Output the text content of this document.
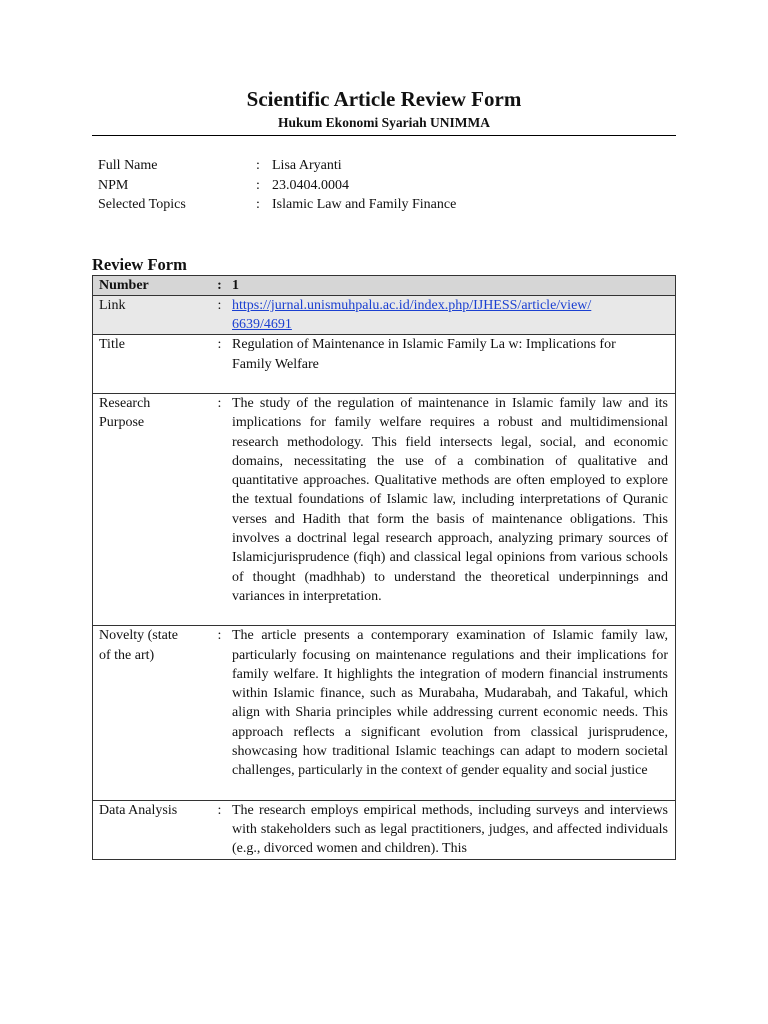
Scientific Article Review Form
Hukum Ekonomi Syariah UNIMMA
Full Name	: Lisa Aryanti
NPM	: 23.0404.0004
Selected Topics	: Islamic Law and Family Finance
Review Form
Number	:	1
Link	:	https://jurnal.unismuhpalu.ac.id/index.php/IJHESS/article/view/
6639/4691
Title	:	Regulation of Maintenance in Islamic Family La w: Implications for Family Welfare

Research
Purpose	:	The study of the regulation of maintenance in Islamic family law and its implications for family welfare requires a robust and multidimensional research methodology. This field intersects legal, social, and economic domains, necessitating the use of a combination of qualitative and quantitative approaches. Qualitative methods are often employed to explore the textual foundations of Islamic law, including interpretations of Quranic verses and Hadith that form the basis of maintenance obligations. This involves a doctrinal legal research approach, analyzing primary sources of Islamicjurisprudence (fiqh) and classical legal opinions from various schools of thought (madhhab) to understand the theoretical underpinnings and variances in interpretation.

Novelty (state
of the art)	:	The article presents a contemporary examination of Islamic family law, particularly focusing on maintenance regulations and their implications for family welfare. It highlights the integration of modern financial instruments within Islamic finance, such as Murabaha, Mudarabah, and Takaful, which align with Sharia principles while addressing current economic needs. This approach reflects a significant evolution from classical jurisprudence, showcasing how traditional Islamic teachings can adapt to modern societal challenges, particularly in the context of gender equality and social justice

Data Analysis	:	The research employs empirical methods, including surveys and interviews with stakeholders such as legal practitioners, judges, and affected individuals (e.g., divorced women and children). This
